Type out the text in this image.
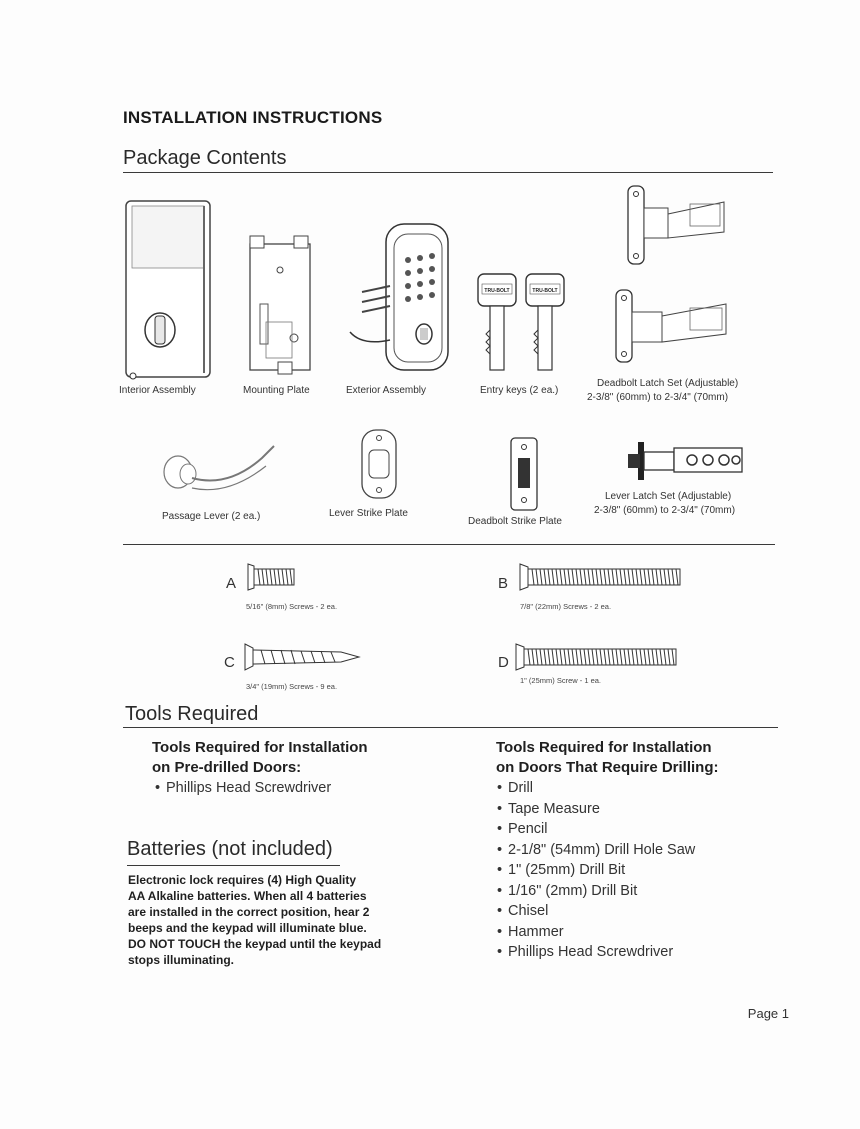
INSTALLATION INSTRUCTIONS
Package Contents
Interior Assembly	Mounting Plate	Exterior Assembly
TRU-BOLT	TRU-BOLT
Entry keys (2 ea.)
Deadbolt Latch Set (Adjustable)
2-3/8" (60mm) to 2-3/4" (70mm)
Passage Lever (2 ea.)	Lever Strike Plate
Deadbolt Strike Plate
Lever Latch Set (Adjustable)
2-3/8" (60mm) to 2-3/4" (70mm)
A
5/16" (8mm) Screws - 2 ea.
B
7/8" (22mm) Screws - 2 ea.
C
3/4" (19mm) Screws - 9 ea.
D
1" (25mm) Screw - 1 ea.
Tools Required
Tools Required for Installation
on Pre-drilled Doors:
• Phillips Head Screwdriver
Tools Required for Installation
on Doors That Require Drilling:
• Drill
• Tape Measure
• Pencil
• 2-1/8" (54mm) Drill Hole Saw
• 1" (25mm) Drill Bit
• 1/16" (2mm) Drill Bit
• Chisel
• Hammer
• Phillips Head Screwdriver
Batteries (not included)
Electronic lock requires (4) High Quality
AA Alkaline batteries. When all 4 batteries
are installed in the correct position, hear 2
beeps and the keypad will illuminate blue.
DO NOT TOUCH the keypad until the keypad
stops illuminating.
Page 1
